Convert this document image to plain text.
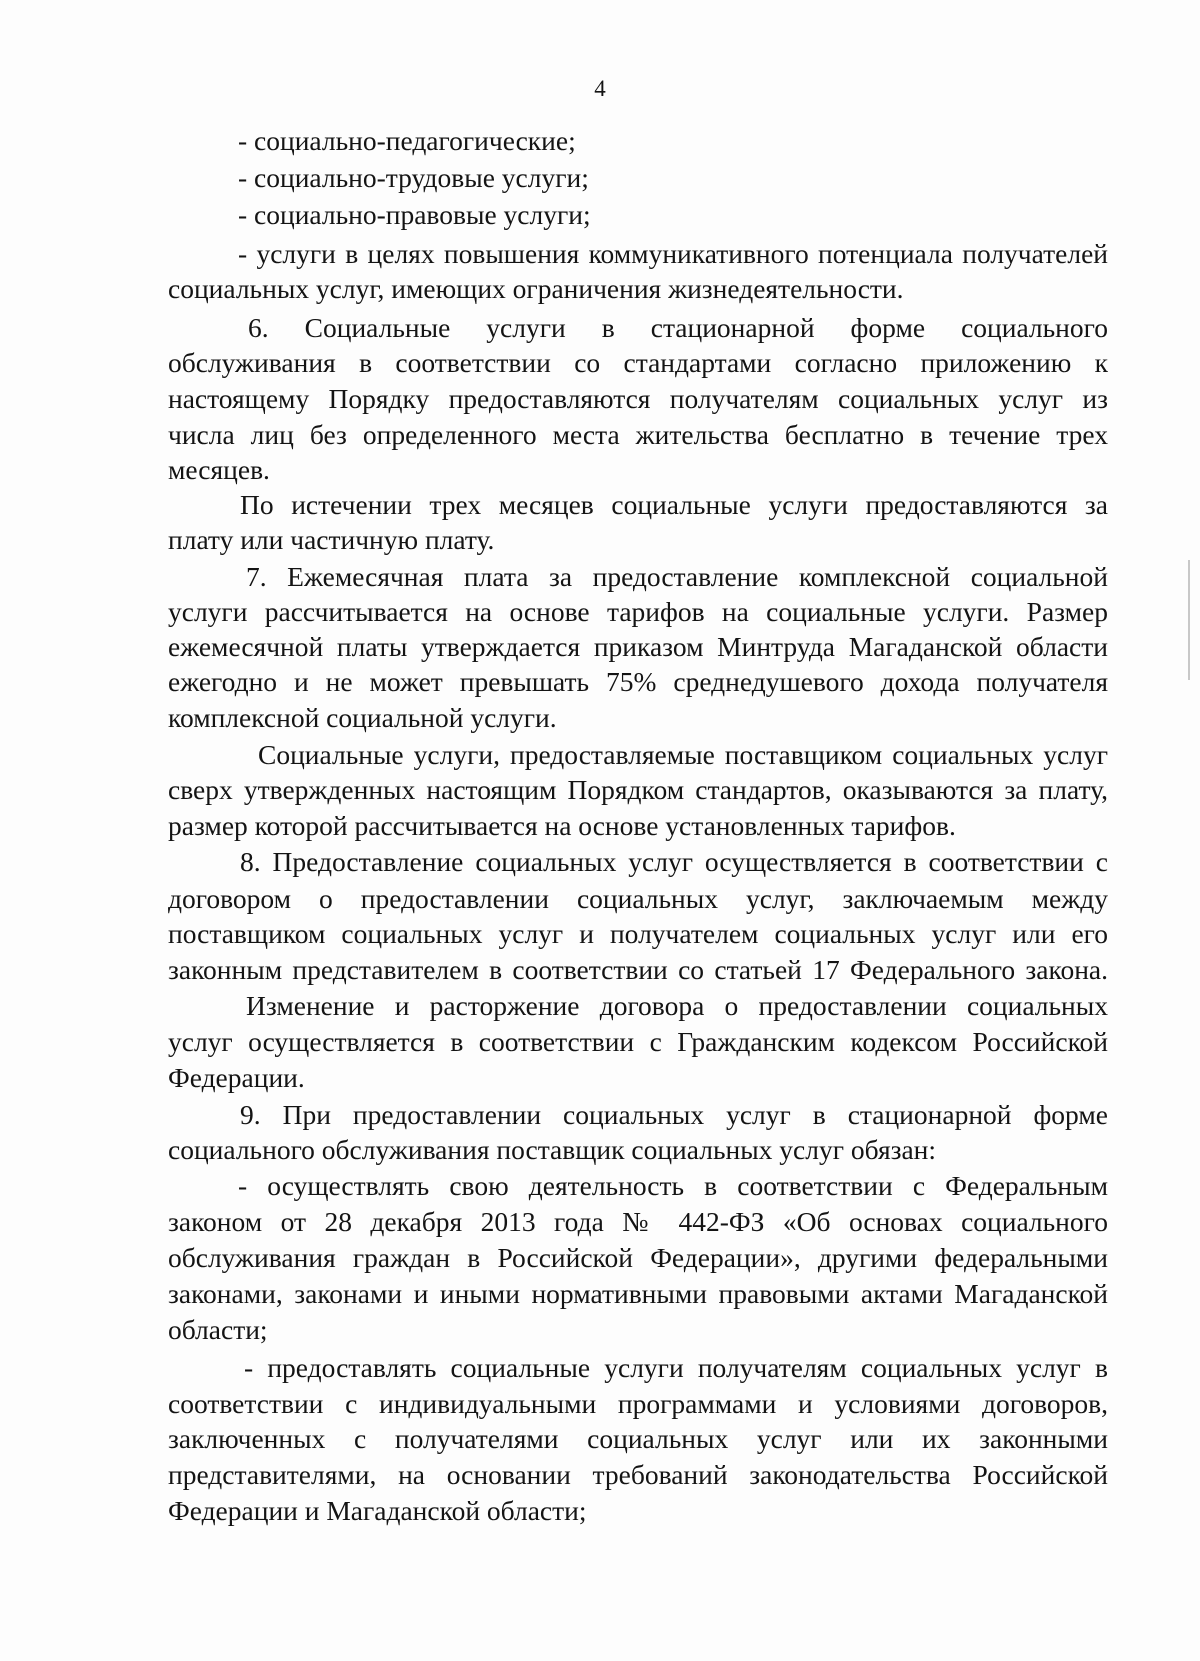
4
- социально-педагогические;
- социально-трудовые услуги;
- социально-правовые услуги;
- услуги в целях повышения коммуникативного потенциала получателей
социальных услуг, имеющих ограничения жизнедеятельности.
6. Социальные услуги в стационарной форме социального
обслуживания в соответствии со стандартами согласно приложению к
настоящему Порядку предоставляются получателям социальных услуг из
числа лиц без определенного места жительства бесплатно в течение трех
месяцев.
По истечении трех месяцев социальные услуги предоставляются за
плату или частичную плату.
7. Ежемесячная плата за предоставление комплексной социальной
услуги рассчитывается на основе тарифов на социальные услуги. Размер
ежемесячной платы утверждается приказом Минтруда Магаданской области
ежегодно и не может превышать 75% среднедушевого дохода получателя
комплексной социальной услуги.
Социальные услуги, предоставляемые поставщиком социальных услуг
сверх утвержденных настоящим Порядком стандартов, оказываются за плату,
размер которой рассчитывается на основе установленных тарифов.
8. Предоставление социальных услуг осуществляется в соответствии с
договором о предоставлении социальных услуг, заключаемым между
поставщиком социальных услуг и получателем социальных услуг или его
законным представителем в соответствии со статьей 17 Федерального закона.
Изменение и расторжение договора о предоставлении социальных
услуг осуществляется в соответствии с Гражданским кодексом Российской
Федерации.
9. При предоставлении социальных услуг в стационарной форме
социального обслуживания поставщик социальных услуг обязан:
- осуществлять свою деятельность в соответствии с Федеральным
законом от 28 декабря 2013 года № 442-ФЗ «Об основах социального
обслуживания граждан в Российской Федерации», другими федеральными
законами, законами и иными нормативными правовыми актами Магаданской
области;
- предоставлять социальные услуги получателям социальных услуг в
соответствии с индивидуальными программами и условиями договоров,
заключенных с получателями социальных услуг или их законными
представителями, на основании требований законодательства Российской
Федерации и Магаданской области;
